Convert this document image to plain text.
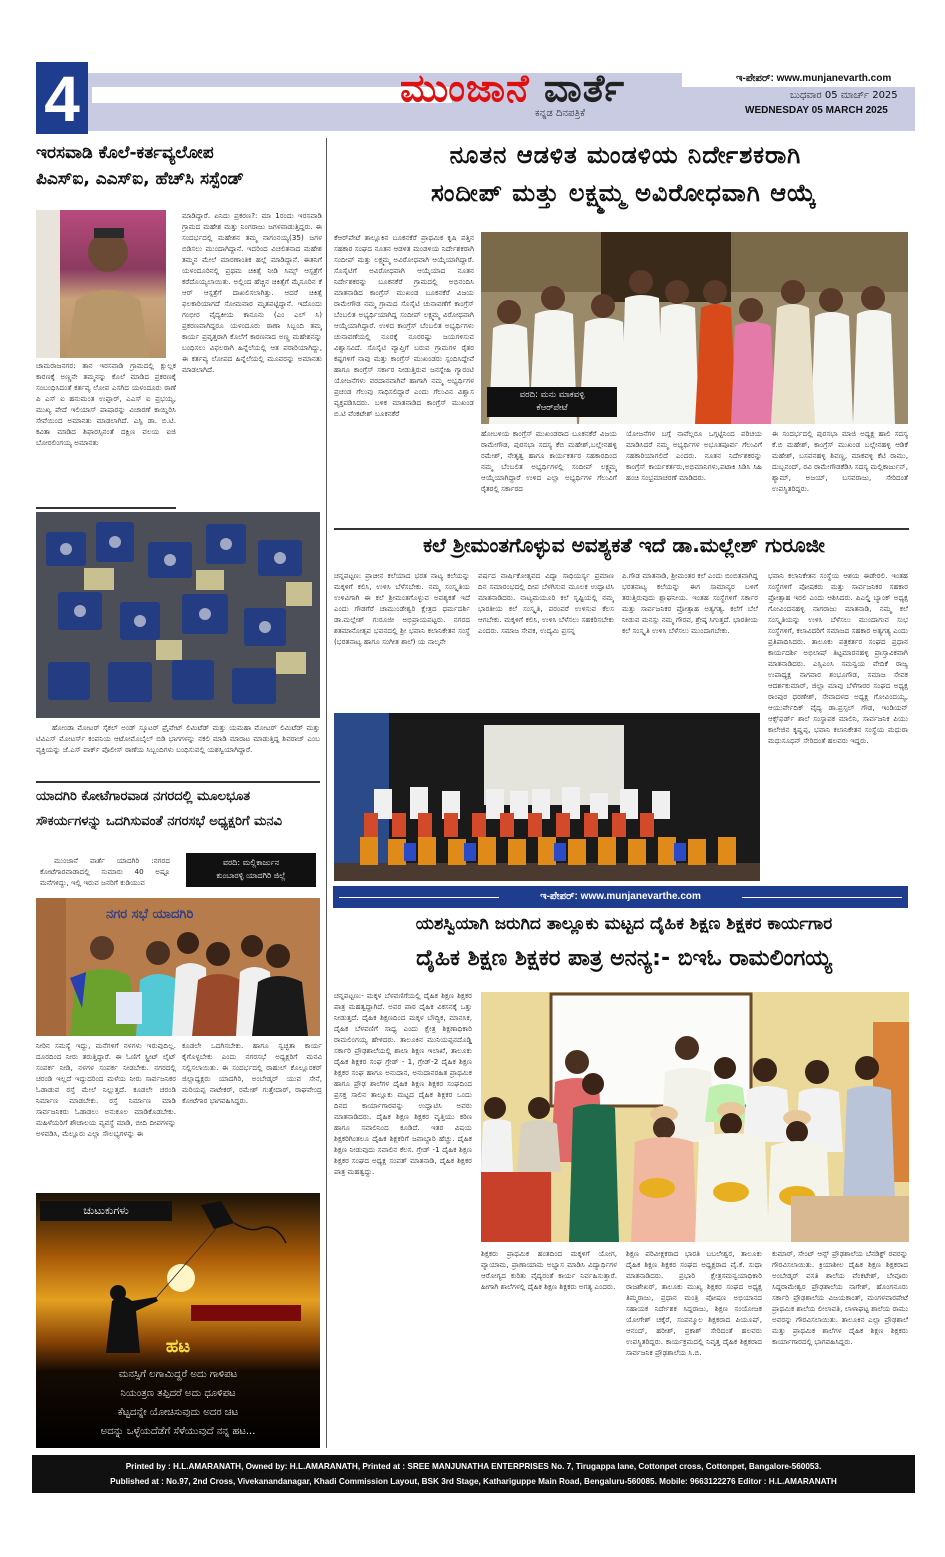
4	ಮುಂಜಾನೆ ವಾರ್ತೆ
ಕನ್ನಡ ದಿನಪತ್ರಿಕೆ
ಇ-ಪೇಪರ್: www.munjanevarth.com
ಬುಧವಾರ 05 ಮಾರ್ಚ್ 2025
WEDNESDAY 05 MARCH 2025
ಇರಸವಾಡಿ ಕೊಲೆ-ಕರ್ತವ್ಯಲೋಪ
ಪಿಎಸ್‌ಐ, ಎಎಸ್‌ಐ, ಹೆಚ್‌ಸಿ ಸಸ್ಪೆಂಡ್
ಮಾಡಿದ್ದಾರೆ. ಏನಿದು ಪ್ರಕರಣ?: ಮಾ 1ರಂದು ಇರಸವಾಡಿ ಗ್ರಾಮದ ಮಹೇಶ ಮತ್ತು ನಿಂಗರಾಜು ಜಗಳವಾಡುತ್ತಿದ್ದರು. ಈ ಸಂದರ್ಭದಲ್ಲಿ ಮಹೇಶನ ತಮ್ಮ ನಾಗಂನಯ್ಯ(35) ಜಗಳ ಬಿಡಿಸಲು ಮುಂದಾಗಿದ್ದಾನೆ. ಇದರಿಂದ ವಿಚಲಿತನಾದ ಮಹೇಶ ತಮ್ಮನ ಮೇಲೆ ಮಾರಣಾಂತಿಕ ಹಲ್ಲೆ ಮಾಡಿದ್ದಾನೆ. ಈತನಿಗೆ ಯಳಂದೂರಿನಲ್ಲಿ ಪ್ರಥಮ ಚಿಕಿತ್ಸೆ ನೀಡಿ ಸಿಮ್ಸ್ ಆಸ್ಪತ್ರೆಗೆ ಕರೆದೊಯ್ಯಲಾಯಿತು. ಅಲ್ಲಿಂದ ಹೆಚ್ಚಿನ ಚಿಕಿತ್ಸೆಗೆ ಮೈಸೂರಿನ ಕೆ ಆರ್ ಆಸ್ಪತ್ರೆಗೆ ದಾಖಲಿಸಲಾಗಿತ್ತು. ಆದರೆ ಚಿಕಿತ್ಸೆ ಫಲಕಾರಿಯಾಗದೆ ಸೋಮವಾರ ಮೃತಪಟ್ಟಿದ್ದಾನೆ. ಇದೊಂದು ಗಂಭೀರ ವೈದ್ಯಕೀಯ ಕಾನೂನು (ಎಂ ಎಲ್ ಸಿ) ಪ್ರಕರಣವಾಗಿದ್ದರೂ ಯಳಂದೂರು ಠಾಣಾ ಸಿಬ್ಬಂದಿ ತಮ್ಮ ಕಾರ್ಯ ಪ್ರವೃತ್ತರಾಗಿ ಕೊಲೆಗೆ ಕಾರಣನಾದ ಅಣ್ಣ ಮಹೇಶನನ್ನು ಬಂಧಿಸಲು ವಿಫಲರಾಗಿ ಹಿನ್ನೆಲೆಯಲ್ಲಿ ಆತ ಪರಾರಿಯಾಗಿದ್ದು, ಈ ಕರ್ತವ್ಯ ಲೋಪದ ಹಿನ್ನೆಲೆಯಲ್ಲಿ ಮೂವರನ್ನು ಅಮಾನತು ಮಾಡಲಾಗಿದೆ.
ಚಾಮರಾಜನಗರ: ತಾನ ಇರಸವಾಡಿ ಗ್ರಾಮದಲ್ಲಿ ಕ್ಷುಲ್ಲಕ ಕಾರಣಕ್ಕೆ ಅಣ್ಣನೇ ತಮ್ಮನನ್ನು ಕೊಲೆ ಮಾಡಿದ ಪ್ರಕರಣಕ್ಕೆ ಸಂಬಂಧಿಸಿದಂತೆ ಕರ್ತವ್ಯ ಲೋಪ ಎಸಗಿದ ಯಳಂದೂರು ಠಾಣೆ ಪಿ ಎಸ್ ಐ ಹನುಮಂತ ಉಪ್ಪಾರ್, ಎಎಸ್ ಐ ಪ್ರಭಯ್ಯ, ಮುಖ್ಯ ಪೇದೆ ಇಲಿಯಾಸ್ ಪಾಷಾರನ್ನು ವಿಚಾರಣೆ ಕಾಯ್ದಿರಿಸಿ ಸೇವೆಯಿಂದ ಅಮಾನತು ಮಾಡಲಾಗಿದೆ. ಎಸ್ಪಿ ಡಾ. ಬಿ.ಟಿ. ಕವಿತಾ ಮಾಡಿದ ಶಿಫಾರಸ್ಸಿನಂತೆ ದಕ್ಷಿಣ ವಲಯ ಐಜಿ ಬೋರಲಿಂಗಯ್ಯ ಅಮಾನತು
ಹೋಂಡಾ ಮೋಟರ್ ಸೈಕಲ್ ಅಂಡ್ ಸ್ಕೂಟರ್ ಪ್ರೈವೇಟ್ ಲಿಮಿಟೆಡ್ ಮತ್ತು ಯಮಹಾ ಮೋಟರ್ ಲಿಮಿಟೆಡ್ ಮತ್ತು ಟಿವಿಎಸ್ ಮೋಟರ್ಸ್ ಕಂಪನಿಯ ಆಟೋಮೊಬೈಲ್ ಬಿಡಿ ಭಾಗಗಳನ್ನು ನಕಲಿ ಮಾಡಿ ಮಾರಾಟ ಮಾಡುತ್ತಿದ್ದ ಶಿವರಾಜ್ ಎಂಬ ವ್ಯಕ್ತಿಯನ್ನು ಜೆ.ಎಸ್ ಪಾರ್ಕ್ ಪೊಲೀಸ್ ಠಾಣೆಯ ಸಿಬ್ಬಂದಿಗಳು ಬಂಧಿಸುವಲ್ಲಿ ಯಶಸ್ವಿಯಾಗಿದ್ದಾರೆ.
ಯಾದಗಿರಿ ಕೋಟೆಗಾರವಾಡ ನಗರದಲ್ಲಿ ಮೂಲಭೂತ
ಸೌಕರ್ಯಗಳನ್ನು ಒದಗಿಸುವಂತೆ ನಗರಸಭೆ ಅಧ್ಯಕ್ಷರಿಗೆ ಮನವಿ
ಮುಂಜಾನೆ ವಾರ್ತೆ ಯಾದಗಿರಿ :ನಗರದ ಕೋಟೆಗಾರವಾಡಾದಲ್ಲಿ ಸುಮಾರು 40 ಅಷ್ಟೂ ಮನೆಗಳಿದ್ದು, ಇಲ್ಲಿ ಇರುವ ಜನರಿಗೆ ಕುಡಿಯುವ
ವರದಿ: ಮಲ್ಲಿಕಾರ್ಜುನ
ಕುಂಬಾರಳ್ಳಿ ಯಾದಗಿರಿ ಜಿಲ್ಲೆ
ನಗರ ಸಭೆ ಯಾದಗಿರಿ
ನೀರಿನ ಸಮಸ್ಯೆ ಇದ್ದು, ಮನೆಗಳಿಗೆ ನಳಗಳು ಇರುವುದಿಲ್ಲ. ದೂರದಿಂದ ನೀರು ತರುತ್ತಿದ್ದಾರೆ. ಈ ಓಣಿಗೆ ಸ್ಟ್ರೀಟ್ ಲೈಟ್ ಸಂಪರ್ಕ ನೀಡಿ, ನಳಗಳ ಸಂಪರ್ಕ ನೀಡಬೇಕು. ನಗರದಲ್ಲಿ ಚರಂಡಿ ಇಲ್ಲದೆ ಇದ್ದುದರಿಂದ ಮಳೆಯ ನೀರು ಸಾರ್ವಜನಿಕರ ಓಡಾಡುವ ರಸ್ತೆ ಮೇಲೆ ನಿಲ್ಲುತ್ತದೆ. ಕೂಡಲೇ ಚರಂಡಿ ನಿರ್ಮಾಣ ಮಾಡಬೇಕು. ರಸ್ತೆ ನಿರ್ಮಾಣ ಮಾಡಿ ಸಾರ್ವಜನಿಕರು ಓಡಾಡಲು ಅನುಕೂಲ ಮಾಡಿಕೊಡಬೇಕು. ಮಹಿಳೆಯರಿಗೆ ಶೌಚಾಲಯ ವ್ಯವಸ್ಥೆ ಮಾಡಿ, ಬೀದಿ ದೀಪಗಳನ್ನು ಅಳವಡಿಸಿ, ಮೆಲ್ಲೂರು ಎಲ್ಲಾ ಸೌಲಭ್ಯಗಳನ್ನು ಈ
ಕೂಡಲೇ ಒದಗಿಸಬೇಕು. ಹಾಗೂ ಸ್ವಚ್ಛತಾ ಕಾರ್ಯ ಕೈಗೊಳ್ಳಬೇಕು ಎಂದು ನಗರಸಭೆ ಅಧ್ಯಕ್ಷರಿಗೆ ಮನವಿ ಸಲ್ಲಿಸಲಾಯಿತು. ಈ ಸಂದರ್ಭದಲ್ಲಿ ರಾಹುಲ್ ಕೊಲ್ಲೂರಕರ್ ಜಿಲ್ಲಾಧ್ಯಕ್ಷರು ಯಾದಗಿರಿ, ಅಂಬೇಡ್ಕರ್ ಯುವ ಸೇನೆ, ಮರಿಯಪ್ಪ ನಾಟೇಕರ್, ರಮೇಶ್ ಗುತ್ತೇದಾರ್, ರಾಘವೇಂದ್ರ ಕೋಟೆಗಾರ ಭಾಗವಹಿಸಿದ್ದರು.
ಚುಟುಕುಗಳು
ಹಟ
ಮನಸ್ಸಿಗೆ ಲಗಾಮಿದ್ದರೆ ಅದು ಗಾಳಿಪಟ
ನಿಯಂತ್ರಣ ತಪ್ಪಿದರೆ ಅದು ಧೂಳಿಪಟ
ಕೆಟ್ಟದನ್ನೇ ಯೋಚಿಸುವುದು ಅದರ ಚಟ
ಅದನ್ನು ಒಳ್ಳೆಯದೆಡೆಗೆ ಸೆಳೆಯುವುದೆ ನನ್ನ ಹಟ...
ನೂತನ ಆಡಳಿತ ಮಂಡಳಿಯ ನಿರ್ದೇಶಕರಾಗಿ
ಸಂದೀಪ್ ಮತ್ತು ಲಕ್ಷ್ಮಮ್ಮ ಅವಿರೋಧವಾಗಿ ಆಯ್ಕೆ
ಕೆಆರ್‌ಪೇಟೆ ತಾಲ್ಲೂಕಿನ ಬೂಕನಕೆರೆ ಪ್ರಾಥಮಿಕ ಕೃಷಿ ಪತ್ತಿನ ಸಹಕಾರ ಸಂಘದ ನೂತನ ಆಡಳಿತ ಮಂಡಳಿಯ ನಿರ್ದೇಶಕರಾಗಿ ಸಂದೀಪ್ ಮತ್ತು ಲಕ್ಷ್ಮಮ್ಮ ಅವಿರೋಧವಾಗಿ ಆಯ್ಕೆಯಾಗಿದ್ದಾರೆ. ಸೊಸೈಟಿಗೆ ಅವಿರೋಧವಾಗಿ ಆಯ್ಕೆಯಾದ ನೂತನ ನಿರ್ದೇಶಕರನ್ನು ಬೂಕನಕೆರೆ ಗ್ರಾಮದಲ್ಲಿ ಅಭಿನಂದಿಸಿ ಮಾತನಾಡಿದ ಕಾಂಗ್ರೆಸ್ ಮುಖಂಡ ಬೂಕನಕೆರೆ ವಿಜಯ ರಾಮೇಗೌಡ ನಮ್ಮ ಗ್ರಾಮದ ಸೊಸೈಟಿ ಚುನಾವಣೆಗೆ ಕಾಂಗ್ರೆಸ್ ಬೆಂಬಲಿತ ಅಭ್ಯರ್ಥಿಯಾಗಿದ್ದ ಸಂದೀಪ್ ಲಕ್ಷ್ಮಮ್ಮ ವಿರೋಧವಾಗಿ ಆಯ್ಕೆಯಾಗಿದ್ದಾರೆ. ಉಳಿದ ಕಾಂಗ್ರೆಸ್ ಬೆಂಬಲಿತ ಅಭ್ಯರ್ಥಿಗಳು ಚುನಾವಣೆಯಲ್ಲಿ ನೂರಕ್ಕೆ ನೂರರಷ್ಟು ಜಯಗಳಿಸುವ ವಿಶ್ವಾಸವಿದೆ. ಸೊಸೈಟಿ ವ್ಯಾಪ್ತಿಗೆ ಬರುವ ಗ್ರಾಮಗಳ ರೈತರ ಕಷ್ಟಗಳಿಗೆ ನಾವು ಮತ್ತು ಕಾಂಗ್ರೆಸ್ ಮುಖಂಡರು ಸ್ಪಂದಿಸಿದ್ದೇವೆ ಹಾಗೂ ಕಾಂಗ್ರೆಸ್ ಸರ್ಕಾರ ನೀಡುತ್ತಿರುವ ಜನಸ್ನೇಹಿ ಗ್ಯಾರಂಟಿ ಯೋಜನೆಗಳು ವರದಾನವಾಗಿವೆ ಹಾಗಾಗಿ ನಮ್ಮ ಅಭ್ಯರ್ಥಿಗಳ ಪ್ರಚಂಡ ಗೆಲುವು ಸಾಧಿಸಲಿದ್ದಾರೆ ಎಂದು ಗೆಲುವಿನ ವಿಶ್ವಾಸ ವ್ಯಕ್ತಪಡಿಸಿದರು. ಬಳಿಕ ಮಾತನಾಡಿದ ಕಾಂಗ್ರೆಸ್ ಮುಖಂಡ ಬಿ.ಟಿ ವೆಂಕಟೇಶ್ ಬೂಕನಕೆರೆ
ವರದಿ: ಮನು ಮಾಕವಳ್ಳಿ
ಕೆಆರ್‌ಪೇಟೆ
ಹೋಬಳಿಯ ಕಾಂಗ್ರೆಸ್ ಮುಖಂಡರಾದ ಬೂಕನಕೆರೆ ವಿಜಯ ರಾಮೇಗೌಡ, ಪುರಸಭಾ ಸದಸ್ಯ ಕೆಬಿ ಮಹೇಶ್,ಬಲ್ಲೇನಹಳ್ಳಿ ರಮೇಶ್, ನೇತೃತ್ವ ಹಾಗೂ ಕಾರ್ಯಕರ್ತರ ಸಹಕಾರದಿಂದ ನಮ್ಮ ಬೆಂಬಲಿತ ಅಭ್ಯರ್ಥಿಗಳಲ್ಲಿ ಸಂದೀಪ್ ಲಕ್ಷ್ಮಮ್ಮ ಆಯ್ಕೆಯಾಗಿದ್ದಾರೆ ಉಳಿದ ಎಲ್ಲಾ ಅಭ್ಯರ್ಥಿಗಳ ಗೆಲುವಿಗೆ ರೈತರಲ್ಲಿ ಸರ್ಕಾರದ
ಯೋಜನೆಗಳ ಬಗ್ಗೆ ನಾವೆಲ್ಲರೂ ಒಗ್ಗಟ್ಟಿನಿಂದ ಪರಿಚಯ ಮಾಡಿಸಿದರೆ ನಮ್ಮ ಅಭ್ಯರ್ಥಿಗಳ ಅಭೂತಪೂರ್ವ ಗೆಲುವಿಗೆ ಸಹಕಾರಿಯಾಗಲಿದೆ ಎಂದರು. ನೂತನ ನಿರ್ದೇಶಕರನ್ನು ಕಾಂಗ್ರೆಸ್ ಕಾರ್ಯಕರ್ತರು,ಅಭಿಮಾನಿಗಳು,ಪಟಾಕಿ ಸಿಡಿಸಿ ಸಿಹಿ ಹಂಚಿ ಸಂಭ್ರಮಾಚರಣೆ ಮಾಡಿದರು.
ಈ ಸಂದರ್ಭದಲ್ಲಿ ಪುರಸಭಾ ಮಾಜಿ ಅಧ್ಯಕ್ಷ ಹಾಲಿ ಸದಸ್ಯ ಕೆ.ಬಿ ಮಹೇಶ್, ಕಾಂಗ್ರೆಸ್ ಮುಖಂಡ ಬಲ್ಲೇನಹಳ್ಳಿ ಆಡಿಕೆ ಮಹೇಶ್, ಬಸವನಹಳ್ಳಿ ಶಿವಣ್ಣ, ಮಾಕವಳ್ಳಿ ಕೆಟಿ ರಾಮು, ದುಬ್ಬನಂದ್, ರವಿ ರಾಮೇಗೌಡಕೆಡಿಸಿ ಸದಸ್ಯ ಮಲ್ಲಿಕಾರ್ಜುನ್, ಶ್ಯಾಮ್, ಅಜಯ್, ಬಸವರಾಜು, ಸೇರಿದಂತೆ ಉಪಸ್ಥಿತರಿದ್ದರು.
ಕಲೆ ಶ್ರೀಮಂತಗೊಳ್ಳುವ ಅವಶ್ಯಕತೆ ಇದೆ ಡಾ.ಮಲ್ಲೇಶ್ ಗುರೂಜೀ
ಚನ್ನಪಟ್ಟಣ: ಪ್ರಾಚೀನ ಕಲೆಯಾದ ಭರತ ನಾಟ್ಯ ಕಲೆಯನ್ನು ಮಕ್ಕಳಿಗೆ ಕಲಿಸಿ, ಉಳಿಸಿ ಬೆಳೆಸಬೇಕು. ನಮ್ಮ ಸಂಸ್ಕೃತಿಯ ಉಳಿವಿಗಾಗಿ ಈ ಕಲೆ ಶ್ರೀಮಂತಗೊಳ್ಳುವ ಅವಶ್ಯಕತೆ ಇದೆ ಎಂದು ಗೌಡಗೆರೆ ಚಾಮುಂಡೇಶ್ವರಿ ಕ್ಷೇತ್ರದ ಧರ್ಮದರ್ಶಿ ಡಾ.ಮಲ್ಲೇಶ್ ಗುರೂಜೀ ಅಭಿಪ್ರಾಯಪಟ್ಟರು. ನಗರದ ಶತಮಾನೋತ್ಸವ ಭವನದಲ್ಲಿ ಶ್ರೀ ಭವಾನಿ ಕಲಾನಿಕೇತನ ಸಂಸ್ಥೆ (ಭರತನಾಟ್ಯ ಹಾಗೂ ಸಂಗೀತ ಶಾಲೆ) ಯ ನಾಲ್ಕನೇ
ವರ್ಷದ ವಾರ್ಷಿಕೋತ್ಸವದ ವಿದ್ಯಾ ಸಾಧಿಯರ್ಸ್ಯ ಪ್ರಮಾಣ ದಿನ ಸಮಾರಂಭದಲ್ಲಿ ದೀಪ ಬೆಳಗಿಸುವ ಮೂಲಕ ಉದ್ಘಾಟಿಸಿ ಮಾತನಾಡಿದರು. ನಾಟ್ಯಮಯೂರಿ ಕಲೆ ಸೃಷ್ಟಿಯಲ್ಲಿ ನಮ್ಮ ಭಾರತೀಯ ಕಲೆ ಸಂಸ್ಕೃತಿ, ಪರಂಪರೆ ಉಳಿಸುವ ಕೆಲಸ ಆಗಬೇಕು. ಮಕ್ಕಳಿಗೆ ಕಲಿಸಿ, ಉಳಿಸಿ ಬೆಳೆಸಲು ಸಹಕರಿಸಬೇಕು ಎಂದರು. ಸಮಾಜ ಸೇವಕ, ಉದ್ಯಮಿ ಪ್ರಸನ್ನ
ಪಿ.ಗೌಡ ಮಾತನಾಡಿ, ಶ್ರೀಮಂತರ ಕಲೆ ಎಂದು ಬಿಂಬಿತವಾಗಿದ್ದ ಭರತನಾಟ್ಯ ಕಲೆಯನ್ನು ಈಗ ಸಾಮಾನ್ಯರ ಬಳಿಗೆ ತರುತ್ತಿರುವುದು ಶ್ಲಾಘನೀಯ. ಇಂತಹ ಸಂಸ್ಥೆಗಳಿಗೆ ಸರ್ಕಾರ ಮತ್ತು ಸಾರ್ವಜನಿಕರ ಪ್ರೋತ್ಸಾಹ ಅತ್ಯಗತ್ಯ. ಕಲೆಗೆ ಬೆಲೆ ನೀಡುವ ಮನಸ್ಸು ನಮ್ಮ ಗೌರವ, ಶ್ರೇಷ್ಠ ಸಿಗುತ್ತದೆ. ಭಾರತೀಯ ಕಲೆ ಸಂಸ್ಕೃತಿ ಉಳಿಸಿ ಬೆಳೆಸಲು ಮುಂದಾಗಬೇಕು.
ಭವಾನಿ ಕಲಾನಿಕೇತನ ಸಂಸ್ಥೆಯ ಆಶಯ ಈಡೇರಲಿ. ಇಂತಹ ಸಂಸ್ಥೆಗಳಿಗೆ ಪೋಷಕರು ಮತ್ತು ಸಾರ್ವಜನಿಕರ ಸಹಕಾರ ಪ್ರೋತ್ಸಾಹ ಇರಲಿ ಎಂದು ಆಶಿಸಿದರು. ಪಿಎಲ್ಡಿ ಬ್ಯಾಂಕ್ ಅಧ್ಯಕ್ಷ ಗೋವಿಂದನಹಳ್ಳಿ ನಾಗರಾಜು ಮಾತನಾಡಿ, ನಮ್ಮ ಕಲೆ ಸಂಸ್ಕೃತಿಯನ್ನು ಉಳಿಸಿ ಬೆಳೆಸಲು ಮುಂದಾಗುವ ಸುಭ ಸಂಸ್ಥೆಗಳಿಗೆ, ಕಲಾವಿದರಿಗೆ ಸಮಾಜದ ಸಹಕಾರ ಅತ್ಯಗತ್ಯ ಎಂದು ಪ್ರತಿಪಾದಿಸಿದರು. ತಾಲೂಕು ಪತ್ರಕರ್ತರ ಸಂಘದ ಪ್ರಧಾನ ಕಾರ್ಯದರ್ಶಿ ಅಭಿಲಾಷ್ ತಿಟ್ಟಮಾರನಹಳ್ಳಿ ಪ್ರಾಸ್ತಾವಿಕವಾಗಿ ಮಾತನಾಡಿದರು. ಎಸ್ಸಿಎಂಸಿ ಸಮನ್ವಯ ವೇದಿಕೆ ರಾಜ್ಯ ಉಪಾಧ್ಯಕ್ಷ ನಾಗವಾರ ಶಂಭೂಗೌಡ, ಸಮಾಜ ಸೇವಕ ಆದರ್ಶಕುಮಾರ್, ಜಿಲ್ಲಾ ಮಾವು ಬೆಳೆಗಾರರ ಸಂಘದ ಅಧ್ಯಕ್ಷ ರಾಂಪುರ ಧರಣೇಶ್, ಸೇವಾದಳದ ಅಧ್ಯಕ್ಷ ಗೋವಿಂದಯ್ಯ, ಆಯುರ್ವೇದಿಕ್ ವೈದ್ಯ ಡಾ.ಪ್ರಸ್ಸಲ್ ಗೌಡ, ಇಂಡಿಯನ್ ಆಕ್ಸ್‌ಫರ್ಡ್ ಶಾಲೆ ಸಂಸ್ಥಾಪಕ ಮಾಲಿನಿ, ಸಾರ್ವಜನಿಕ ಪಿಯು ಕಾಲೇಜಿನ ಕೃಷ್ಣಪ್ಪ, ಭವಾನಿ ಕಲಾನಿಕೇತನ ಸಂಸ್ಥೆಯ ಮಧುರಾ ಮಧುಸೂಧನ್ ಸೇರಿದಂತೆ ಹಲವರು ಇದ್ದರು.
ಇ-ಪೇಪರ್: www.munjanevarthe.com
ಯಶಸ್ವಿಯಾಗಿ ಜರುಗಿದ ತಾಲ್ಲೂಕು ಮಟ್ಟದ ದೈಹಿಕ ಶಿಕ್ಷಣ ಶಿಕ್ಷಕರ ಕಾರ್ಯಗಾರ
ದೈಹಿಕ ಶಿಕ್ಷಣ ಶಿಕ್ಷಕರ ಪಾತ್ರ ಅನನ್ಯ:- ಬಿಇಓ ರಾಮಲಿಂಗಯ್ಯ
ಚನ್ನಪಟ್ಟಣ:- ಮಕ್ಕಳ ಬೆಳವಣಿಗೆಯಲ್ಲಿ ದೈಹಿಕ ಶಿಕ್ಷಣ ಶಿಕ್ಷಕರ ಪಾತ್ರ ಮಹತ್ವದ್ದಾಗಿದೆ. ಅವರ ಪಾಠ ದೈಹಿಕ ವಿಕಸನಕ್ಕೆ ಒತ್ತು ನೀಡುತ್ತದೆ. ದೈಹಿಕ ಶಿಕ್ಷಣದಿಂದ ಮಕ್ಕಳ ಬೌದ್ಧಿಕ, ಮಾನಸಿಕ, ದೈಹಿಕ ಬೆಳವಣಿಗೆ ಸಾಧ್ಯ ಎಂದು ಕ್ಷೇತ್ರ ಶಿಕ್ಷಣಾಧಿಕಾರಿ ರಾಮಲಿಂಗಯ್ಯ ಹೇಳಿದರು. ತಾಲೂಕಿನ ಮುನಿಯಪ್ಪನದೊಡ್ಡಿ ಸರ್ಕಾರಿ ಪ್ರೌಢಶಾಲೆಯಲ್ಲಿ ಶಾಲಾ ಶಿಕ್ಷಣ ಇಲಾಖೆ, ತಾಲೂಕು ದೈಹಿಕ ಶಿಕ್ಷಕರ ಸಂಘ ಗ್ರೇಡ್ - 1, ಗ್ರೇಡ್-2 ದೈಹಿಕ ಶಿಕ್ಷಣ ಶಿಕ್ಷಕರ ಸಂಘ ಹಾಗೂ ಅನುದಾನ, ಅನುದಾನರಹಿತ ಪ್ರಾಥಮಿಕ ಹಾಗೂ ಪ್ರೌಢ ಶಾಲೆಗಳ ದೈಹಿಕ ಶಿಕ್ಷಣ ಶಿಕ್ಷಕರ ಸಂಘದಿಂದ ಪ್ರಸಕ್ತ ಸಾಲಿನ ತಾಲ್ಲೂಕು ಮಟ್ಟದ ದೈಹಿಕ ಶಿಕ್ಷಕರ ಒಂದು ದಿನದ ಕಾರ್ಯಾಗಾರವನ್ನು ಉದ್ಘಾಟಿಸಿ ಅವರು ಮಾತನಾಡಿದರು. ದೈಹಿಕ ಶಿಕ್ಷಣ ಶಿಕ್ಷಕರ ವೃತ್ತಿಯು ಕಠಿಣ ಹಾಗೂ ಸವಾಲಿನಿಂದ ಕೂಡಿದೆ. ಇತರ ವಿಷಯ ಶಿಕ್ಷಕರಿಗಿಂತಲೂ ದೈಹಿಕ ಶಿಕ್ಷಕರಿಗೆ ಜವಾಬ್ದಾರಿ ಹೆಚ್ಚು. ದೈಹಿಕ ಶಿಕ್ಷಣ ನೀಡುವುದು ಸವಾಲಿನ ಕೆಲಸ. ಗ್ರೇಡ್ -1 ದೈಹಿಕ ಶಿಕ್ಷಣ ಶಿಕ್ಷಕರ ಸಂಘದ ಅಧ್ಯಕ್ಷ ಸಂಪತ್ ಮಾತನಾಡಿ, ದೈಹಿಕ ಶಿಕ್ಷಕರ ಪಾತ್ರ ಮಹತ್ವದ್ದು.
ಶಿಕ್ಷಕರು ಪ್ರಾಥಮಿಕ ಹಂತದಿಂದ ಮಕ್ಕಳಿಗೆ ಯೋಗ, ವ್ಯಾಯಾಮ, ಪ್ರಾಣಾಯಾಮ ಅಭ್ಯಾಸ ಮಾಡಿಸಿ ವಿದ್ಯಾರ್ಥಿಗಳ ಆರೋಗ್ಯದ ಕುರಿತು ವೈದ್ಯರಂತೆ ಕಾರ್ಯ ನಿರ್ವಹಿಸುತ್ತಾರೆ. ಹೀಗಾಗಿ ಶಾಲೆಗಳಲ್ಲಿ ದೈಹಿಕ ಶಿಕ್ಷಣ ಶಿಕ್ಷಕರು ಅಗತ್ಯ ಎಂದರು.
ಶಿಕ್ಷಣ ಪರಿವೀಕ್ಷಕರಾದ ಭಾರತಿ ಬಬಲೇಶ್ವರ, ತಾಲೂಕು ದೈಹಿಕ ಶಿಕ್ಷಣ ಶಿಕ್ಷಕರ ಸಂಘದ ಅಧ್ಯಕ್ಷರಾದ ವೈ.ಕೆ. ಸುಧಾ ಮಾತನಾಡಿದರು. ಪ್ರಭಾರಿ ಕ್ಷೇತ್ರಸಮನ್ವಯಾಧಿಕಾರಿ ರಾಜಶೇಖರ್, ತಾಲೂಕು ಮುಖ್ಯ ಶಿಕ್ಷಕರ ಸಂಘದ ಅಧ್ಯಕ್ಷ ತಿಮ್ಮರಾಜು, ಪ್ರಧಾನ ಮಂತ್ರಿ ಪೋಷಣ ಅಭಿಯಾನದ ಸಹಾಯಕ ನಿರ್ದೇಶಕ ಸಿದ್ದರಾಜು, ಶಿಕ್ಷಣ ಸಂಯೋಜಕ ಯೋಗೇಶ್ ಚಕ್ಕೆರೆ, ಸಂಪನ್ಮೂಲ ಶಿಕ್ಷಕರಾದ ಪಿಯೂಷ್, ಆನಂದ್, ಹರೀಶ್, ಪ್ರಕಾಶ್ ಸೇರಿದಂತೆ ಹಲವರು ಉಪಸ್ಥಿತರಿದ್ದರು. ಕಾರ್ಯಕ್ರಮದಲ್ಲಿ ನಿವೃತ್ತ ದೈಹಿಕ ಶಿಕ್ಷಕರಾದ ಸಾರ್ವಜನಿಕ ಪ್ರೌಢಶಾಲೆಯ ಸಿ.ಬಿ.
ಕುಮಾರ್, ಸೇಂಟ್ ಆನ್ಸ್ ಪ್ರೌಢಶಾಲೆಯ ಬೆನಡಿಕ್ಟ್ ರವರನ್ನು ಗೌರವಿಸಲಾಯಿತು. ಕ್ರಿಯಾಶೀಲ ದೈಹಿಕ ಶಿಕ್ಷಣ ಶಿಕ್ಷಕರಾದ ಅಂಬೇಡ್ಕರ್ ವಸತಿ ಶಾಲೆಯ ವೆಂಕಟೇಶ್, ಬೇವೂರು ಸಿದ್ದರಾಮೇಶ್ವರ ಪ್ರೌಢಶಾಲೆಯ ನಾಗೇಶ್, ಹೊಂಗನೂರು ಸರ್ಕಾರಿ ಪ್ರೌಢಶಾಲೆಯ ವಿಜಯಕಾಂತ್, ಮಂಗಳವಾರಪೇಟೆ ಪ್ರಾಥಮಿಕ ಶಾಲೆಯ ಲೀಲಾವತಿ, ಲಾಳಾಘಟ್ಟ ಶಾಲೆಯ ರಾಮು ಅವರನ್ನು ಗೌರವಿಸಲಾಯಿತು. ತಾಲೂಕಿನ ಎಲ್ಲಾ ಪ್ರೌಢಶಾಲೆ ಮತ್ತು ಪ್ರಾಥಮಿಕ ಶಾಲೆಗಳ ದೈಹಿಕ ಶಿಕ್ಷಣ ಶಿಕ್ಷಕರು ಕಾರ್ಯಾಗಾರದಲ್ಲಿ ಭಾಗವಹಿಸಿದ್ದರು.
Printed by : H.L.AMARANATH, Owned by: H.L.AMARANATH, Printed at : SREE MANJUNATHA ENTERPRISES No. 7, Tirugappa lane, Cottonpet cross, Cottonpet, Bangalore-560053.
Published at : No.97, 2nd Cross, Vivekanandanagar, Khadi Commission Layout, BSK 3rd Stage, Kathariguppe Main Road, Bengaluru-560085. Mobile: 9663122276 Editor : H.L.AMARANATH
